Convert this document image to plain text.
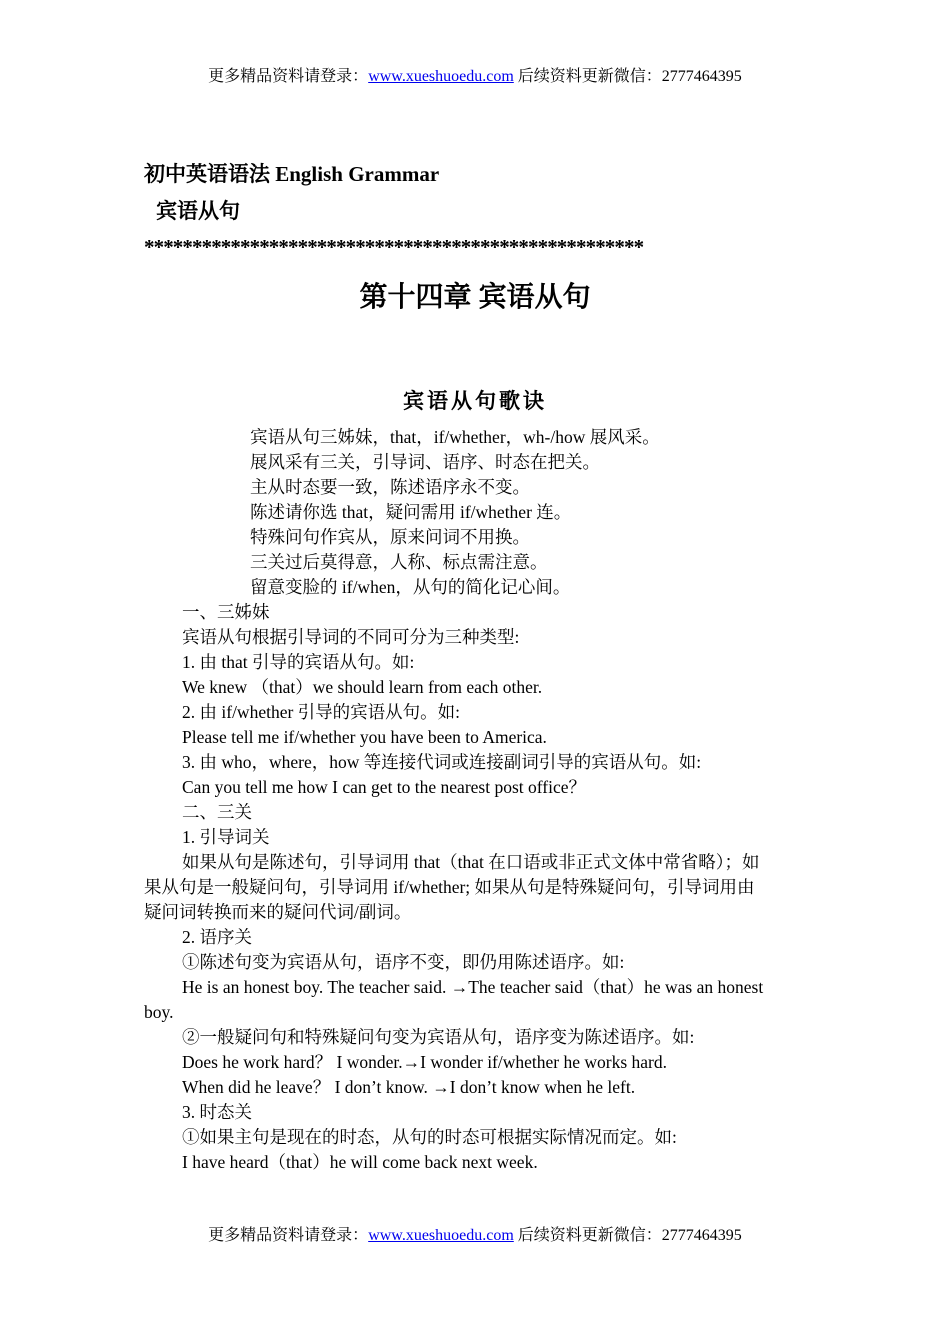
更多精品资料请登录：www.xueshuoedu.com 后续资料更新微信：2777464395
初中英语语法 English Grammar
宾语从句
****************************************************
第十四章 宾语从句
宾语从句歌诀
宾语从句三姊妹，that，if/whether，wh-/how 展风采。
展风采有三关，引导词、语序、时态在把关。
主从时态要一致，陈述语序永不变。
陈述请你选 that，疑问需用 if/whether 连。
特殊问句作宾从，原来问词不用换。
三关过后莫得意，人称、标点需注意。
留意变脸的 if/when，从句的简化记心间。
一、三姊妹
宾语从句根据引导词的不同可分为三种类型:
1. 由 that 引导的宾语从句。如:
We knew （that）we should learn from each other.
2. 由 if/whether 引导的宾语从句。如:
Please tell me if/whether you have been to America.
3. 由 who，where，how 等连接代词或连接副词引导的宾语从句。如:
Can you tell me how I can get to the nearest post office？
二、三关
1. 引导词关
如果从句是陈述句，引导词用 that（that 在口语或非正式文体中常省略）；如
果从句是一般疑问句，引导词用 if/whether; 如果从句是特殊疑问句，引导词用由
疑问词转换而来的疑问代词/副词。
2. 语序关
①陈述句变为宾语从句，语序不变，即仍用陈述语序。如:
He is an honest boy. The teacher said. →The teacher said（that）he was an honest
boy.
②一般疑问句和特殊疑问句变为宾语从句，语序变为陈述语序。如:
Does he work hard？ I wonder.→I wonder if/whether he works hard.
When did he leave？ I don’t know. →I don’t know when he left.
3. 时态关
①如果主句是现在的时态，从句的时态可根据实际情况而定。如:
I have heard（that）he will come back next week.
更多精品资料请登录：www.xueshuoedu.com 后续资料更新微信：2777464395
